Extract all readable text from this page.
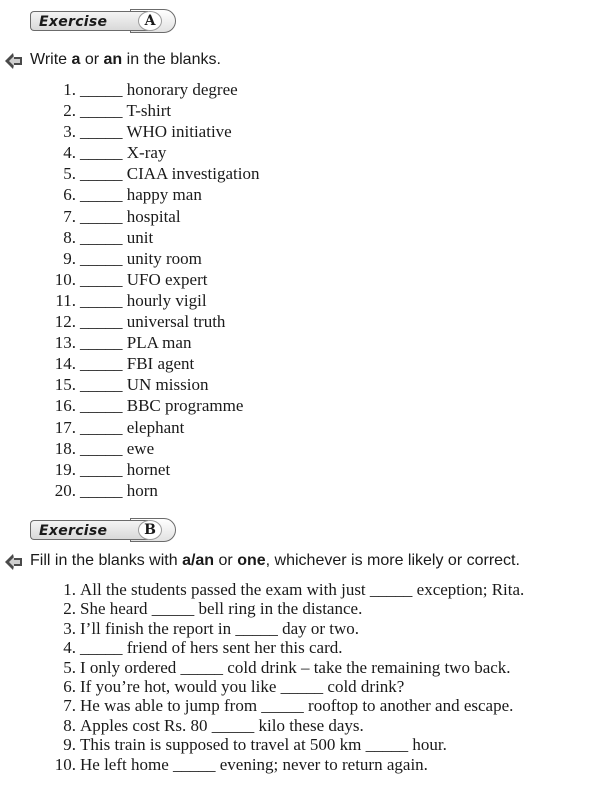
Exercise	A
Write a or an in the blanks.
1. _____ honorary degree
2. _____ T-shirt
3. _____ WHO initiative
4. _____ X-ray
5. _____ CIAA investigation
6. _____ happy man
7. _____ hospital
8. _____ unit
9. _____ unity room
10. _____ UFO expert
11. _____ hourly vigil
12. _____ universal truth
13. _____ PLA man
14. _____ FBI agent
15. _____ UN mission
16. _____ BBC programme
17. _____ elephant
18. _____ ewe
19. _____ hornet
20. _____ horn
Exercise	B
Fill in the blanks with a/an or one, whichever is more likely or correct.
1. All the students passed the exam with just _____ exception; Rita.
2. She heard _____ bell ring in the distance.
3. I’ll finish the report in _____ day or two.
4. _____ friend of hers sent her this card.
5. I only ordered _____ cold drink – take the remaining two back.
6. If you’re hot, would you like _____ cold drink?
7. He was able to jump from _____ rooftop to another and escape.
8. Apples cost Rs. 80 _____ kilo these days.
9. This train is supposed to travel at 500 km _____ hour.
10. He left home _____ evening; never to return again.
